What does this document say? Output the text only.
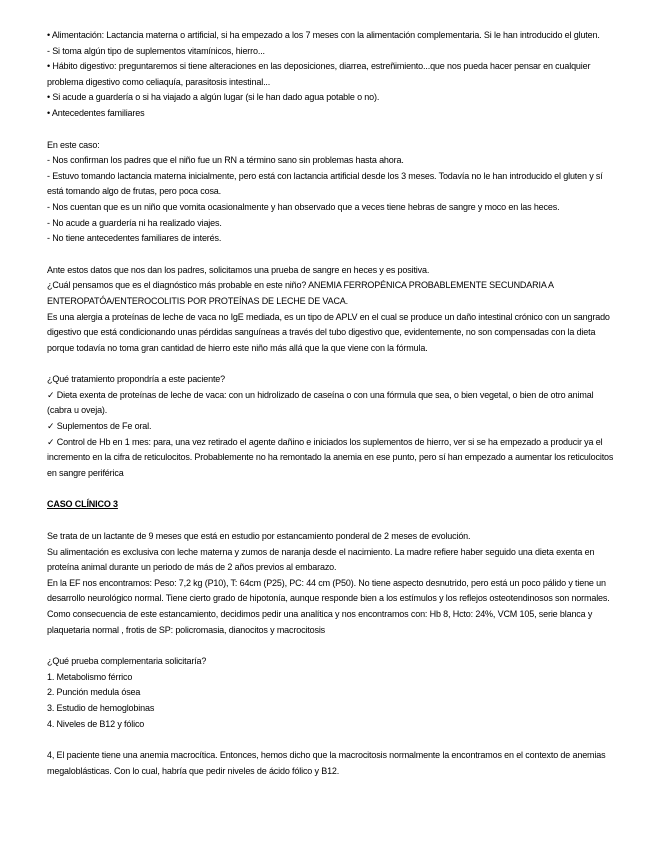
• Alimentación: Lactancia materna o artificial, si ha empezado a los 7 meses con la alimentación complementaria. Si le han introducido el gluten.
- Si toma algún tipo de suplementos vitamínicos, hierro...
• Hábito digestivo: preguntaremos si tiene alteraciones en las deposiciones, diarrea, estreñimiento...que nos pueda hacer pensar en cualquier problema digestivo como celiaquía, parasitosis intestinal...
• Si acude a guardería o si ha viajado a algún lugar (si le han dado agua potable o no).
• Antecedentes familiares
En este caso:
- Nos confirman los padres que el niño fue un RN a término sano sin problemas hasta ahora.
- Estuvo tomando lactancia materna inicialmente, pero está con lactancia artificial desde los 3 meses. Todavía no le han introducido el gluten y sí está tomando algo de frutas, pero poca cosa.
- Nos cuentan que es un niño que vomita ocasionalmente y han observado que a veces tiene hebras de sangre y moco en las heces.
- No acude a guardería ni ha realizado viajes.
- No tiene antecedentes familiares de interés.
Ante estos datos que nos dan los padres, solicitamos una prueba de sangre en heces y es positiva.
¿Cuál pensamos que es el diagnóstico más probable en este niño? ANEMIA FERROPÉNICA PROBABLEMENTE SECUNDARIA A ENTEROPATÓA/ENTEROCOLITIS POR PROTEÍNAS DE LECHE DE VACA.
Es una alergia a proteínas de leche de vaca no IgE mediada, es un tipo de APLV en el cual se produce un daño intestinal crónico con un sangrado digestivo que está condicionando unas pérdidas sanguíneas a través del tubo digestivo que, evidentemente, no son compensadas con la dieta porque todavía no toma gran cantidad de hierro este niño más allá que la que viene con la fórmula.
¿Qué tratamiento propondría a este paciente?
✓ Dieta exenta de proteínas de leche de vaca: con un hidrolizado de caseína o con una fórmula que sea, o bien vegetal, o bien de otro animal (cabra u oveja).
✓ Suplementos de Fe oral.
✓ Control de Hb en 1 mes: para, una vez retirado el agente dañino e iniciados los suplementos de hierro, ver si se ha empezado a producir ya el incremento en la cifra de reticulocitos. Probablemente no ha remontado la anemia en ese punto, pero sí han empezado a aumentar los reticulocitos en sangre periférica
CASO CLÍNICO 3
Se trata de un lactante de 9 meses que está en estudio por estancamiento ponderal de 2 meses de evolución.
Su alimentación es exclusiva con leche materna y zumos de naranja desde el nacimiento. La madre refiere haber seguido una dieta exenta en proteína animal durante un periodo de más de 2 años previos al embarazo.
En la EF nos encontramos: Peso: 7,2 kg (P10), T: 64cm (P25), PC: 44 cm (P50). No tiene aspecto desnutrido, pero está un poco pálido y tiene un desarrollo neurológico normal. Tiene cierto grado de hipotonía, aunque responde bien a los estímulos y los reflejos osteotendinosos son normales.
Como consecuencia de este estancamiento, decidimos pedir una analítica y nos encontramos con: Hb 8, Hcto: 24%, VCM 105, serie blanca y plaquetaria normal , frotis de SP: policromasia, dianocitos y macrocitosis
¿Qué prueba complementaria solicitaría?
1. Metabolismo férrico
2. Punción medula ósea
3. Estudio de hemoglobinas
4. Niveles de B12 y fólico
4, El paciente tiene una anemia macrocítica. Entonces, hemos dicho que la macrocitosis normalmente la encontramos en el contexto de anemias megaloblásticas. Con lo cual, habría que pedir niveles de ácido fólico y B12.
